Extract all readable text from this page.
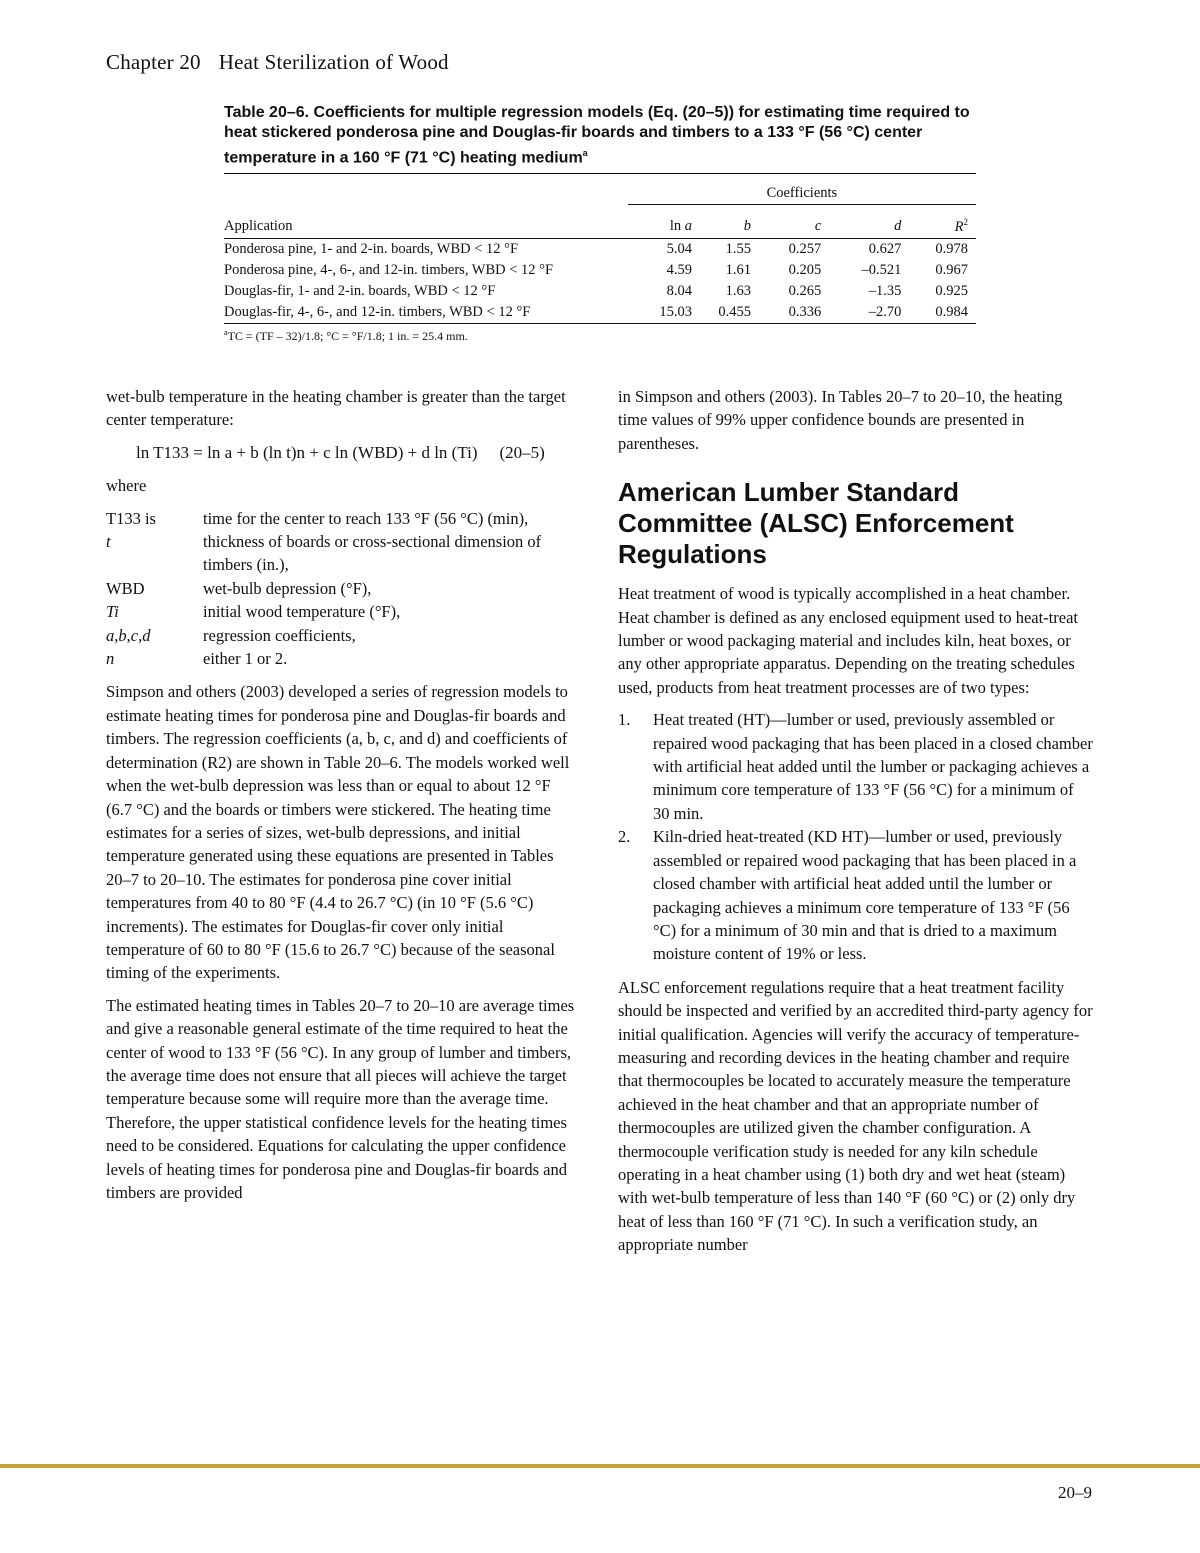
Chapter 20 Heat Sterilization of Wood
Table 20–6. Coefficients for multiple regression models (Eq. (20–5)) for estimating time required to heat stickered ponderosa pine and Douglas-fir boards and timbers to a 133 °F (56 °C) center temperature in a 160 °F (71 °C) heating medium$^a$
	Coefficients				
Application	ln a	b	c	d	$R^2$
Ponderosa pine, 1- and 2-in. boards, WBD < 12 °F	5.04	1.55	0.257	0.627	0.978
Ponderosa pine, 4-, 6-, and 12-in. timbers, WBD < 12 °F	4.59	1.61	0.205	–0.521	0.967
Douglas-fir, 1- and 2-in. boards, WBD < 12 °F	8.04	1.63	0.265	–1.35	0.925
Douglas-fir, 4-, 6-, and 12-in. timbers, WBD < 12 °F	15.03	0.455	0.336	–2.70	0.984
$^a$TC = (TF – 32)/1.8; °C = °F/1.8; 1 in. = 25.4 mm.

wet-bulb temperature in the heating chamber is greater than the target center temperature:

ln T133 = ln a + b (ln t)n + c ln (WBD) + d ln (Ti) (20–5)

where

T133 is	time for the center to reach 133 °F (56 °C) (min),
t	thickness of boards or cross-sectional dimension of timbers (in.),
WBD	wet-bulb depression (°F),
Ti	initial wood temperature (°F),
a,b,c,d	regression coefficients,
n	either 1 or 2.

Simpson and others (2003) developed a series of regression models to estimate heating times for ponderosa pine and Douglas-fir boards and timbers. The regression coefficients (a, b, c, and d) and coefficients of determination (R2) are shown in Table 20–6. The models worked well when the wet-bulb depression was less than or equal to about 12 °F (6.7 °C) and the boards or timbers were stickered. The heating time estimates for a series of sizes, wet-bulb depressions, and initial temperature generated using these equations are presented in Tables 20–7 to 20–10. The estimates for ponderosa pine cover initial temperatures from 40 to 80 °F (4.4 to 26.7 °C) (in 10 °F (5.6 °C) increments). The estimates for Douglas-fir cover only initial temperature of 60 to 80 °F (15.6 to 26.7 °C) because of the seasonal timing of the experiments.

The estimated heating times in Tables 20–7 to 20–10 are average times and give a reasonable general estimate of the time required to heat the center of wood to 133 °F (56 °C). In any group of lumber and timbers, the average time does not ensure that all pieces will achieve the target temperature because some will require more than the average time. Therefore, the upper statistical confidence levels for the heating times need to be considered. Equations for calculating the upper confidence levels of heating times for ponderosa pine and Douglas-fir boards and timbers are provided

in Simpson and others (2003). In Tables 20–7 to 20–10, the heating time values of 99% upper confidence bounds are presented in parentheses.

American Lumber Standard Committee (ALSC) Enforcement Regulations

Heat treatment of wood is typically accomplished in a heat chamber. Heat chamber is defined as any enclosed equipment used to heat-treat lumber or wood packaging material and includes kiln, heat boxes, or any other appropriate apparatus. Depending on the treating schedules used, products from heat treatment processes are of two types:

1.	Heat treated (HT)—lumber or used, previously assembled or repaired wood packaging that has been placed in a closed chamber with artificial heat added until the lumber or packaging achieves a minimum core temperature of 133 °F (56 °C) for a minimum of 30 min.
2.	Kiln-dried heat-treated (KD HT)—lumber or used, previously assembled or repaired wood packaging that has been placed in a closed chamber with artificial heat added until the lumber or packaging achieves a minimum core temperature of 133 °F (56 °C) for a minimum of 30 min and that is dried to a maximum moisture content of 19% or less.

ALSC enforcement regulations require that a heat treatment facility should be inspected and verified by an accredited third-party agency for initial qualification. Agencies will verify the accuracy of temperature-measuring and recording devices in the heating chamber and require that thermocouples be located to accurately measure the temperature achieved in the heat chamber and that an appropriate number of thermocouples are utilized given the chamber configuration. A thermocouple verification study is needed for any kiln schedule operating in a heat chamber using (1) both dry and wet heat (steam) with wet-bulb temperature of less than 140 °F (60 °C) or (2) only dry heat of less than 160 °F (71 °C). In such a verification study, an appropriate number

20–9
